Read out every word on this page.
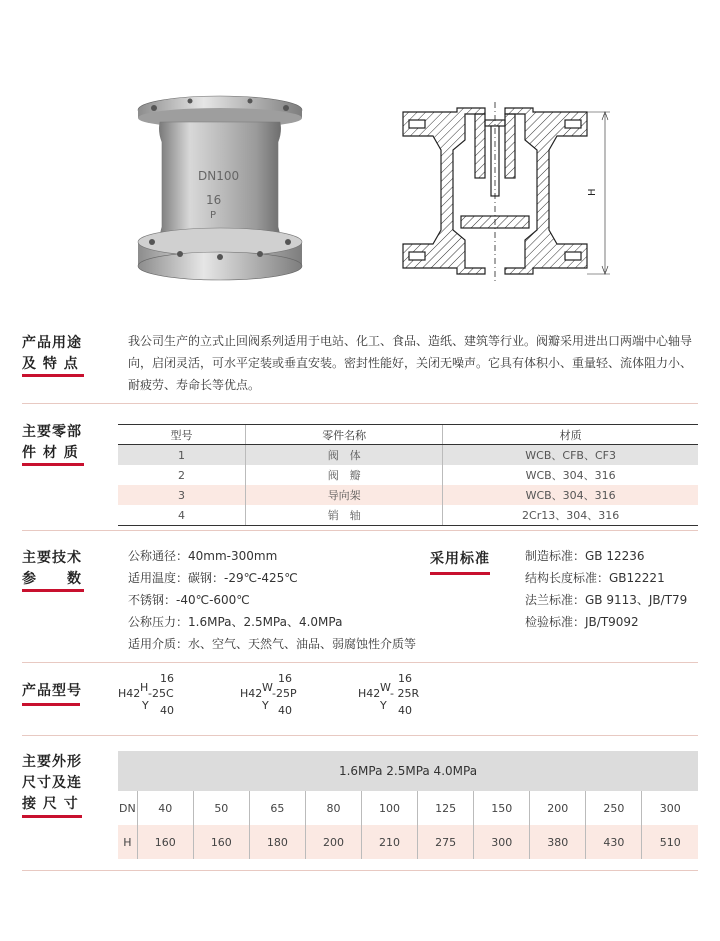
DN100
16
P
H
产品用途
及 特 点
我公司生产的立式止回阀系列适用于电站、化工、食品、造纸、建筑等行业。阀瓣采用进出口两端中心轴导向，启闭灵活，可水平定装或垂直安装。密封性能好，关闭无噪声。它具有体积小、重量轻、流体阻力小、耐疲劳、寿命长等优点。
主要零部
件 材 质
型号	零件名称	材质
1	阀　体	WCB、CFB、CF3
2	阀　瓣	WCB、304、316
3	导向架	WCB、304、316
4	销　轴	2Cr13、304、316
主要技术
参　　数
公称通径：40mm-300mm
适用温度：碳钢：-29℃-425℃
不锈钢：-40℃-600℃
公称压力：1.6MPa、2.5MPa、4.0MPa
适用介质：水、空气、天然气、油品、弱腐蚀性介质等
采用标准	制造标准：GB 12236
结构长度标准：GB12221
法兰标准：GB 9113、JB/T79
检验标准：JB/T9092
产品型号
16
H42 H -25C
Y 40
16
H42 W -25P
Y 40
16
H42 W - 25R
Y 40
主要外形
尺寸及连
接 尺 寸
1.6MPa 2.5MPa 4.0MPa
DN	40	50	65	80	100	125	150	200	250	300
H	160	160	180	200	210	275	300	380	430	510
